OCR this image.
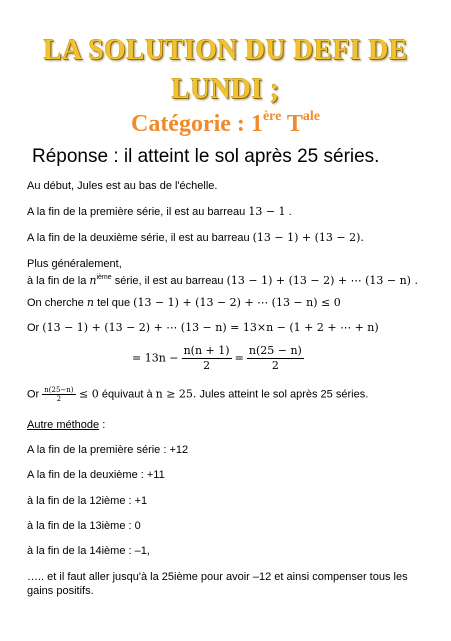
LA SOLUTION DU DEFI DE
LUNDI ;
Catégorie : 1ère $T^{ale}$
Réponse : il atteint le sol après 25 séries.
Au début, Jules est au bas de l'échelle.
A la fin de la première série, il est au barreau 13 − 1 .
A la fin de la deuxième série, il est au barreau (13 − 1) + (13 − 2).
Plus généralement,
à la fin de la $n^{ième}$ série, il est au barreau (13 − 1) + (13 − 2) + ⋯ (13 − n) .
On cherche n tel que (13 − 1) + (13 − 2) + ⋯ (13 − n) ≤ 0
Or (13 − 1) + (13 − 2) + ⋯ (13 − n) = 13×n − (1 + 2 + ⋯ + n)
= $13n - \frac{n(n + 1)}{2} = \frac{n(25 - n)}{2}$
Or $\frac{n(25-n)}{2} \le 0$ équivaut à n ≥ 25. Jules atteint le sol après 25 séries.
Autre méthode :
A la fin de la première série : +12
A la fin de la deuxième : +11
à la fin de la 12ième : +1
à la fin de la 13ième : 0
à la fin de la 14ième : –1,
….. et il faut aller jusqu'à la 25ième pour avoir –12 et ainsi compenser tous les
gains positifs.
